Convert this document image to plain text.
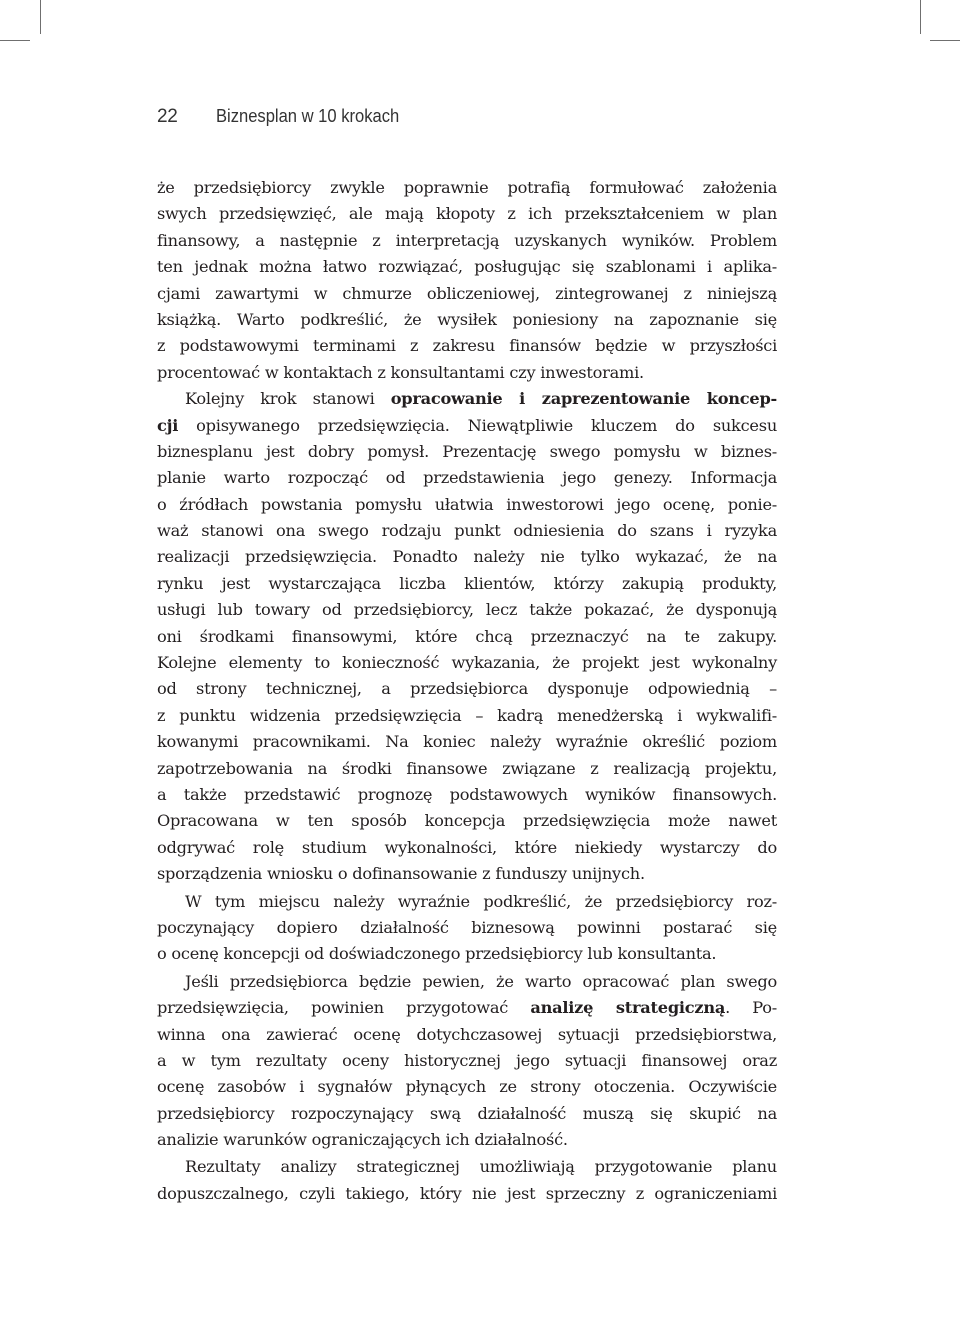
22 Biznesplan w 10 krokach
że przedsiębiorcy zwykle poprawnie potrafią formułować założenia
swych przedsięwzięć, ale mają kłopoty z ich przekształceniem w plan
finansowy, a następnie z interpretacją uzyskanych wyników. Problem
ten jednak można łatwo rozwiązać, posługując się szablonami i aplika-
cjami zawartymi w chmurze obliczeniowej, zintegrowanej z niniejszą
książką. Warto podkreślić, że wysiłek poniesiony na zapoznanie się
z podstawowymi terminami z zakresu finansów będzie w przyszłości
procentować w kontaktach z konsultantami czy inwestorami.
Kolejny krok stanowi opracowanie i zaprezentowanie koncep-
cji opisywanego przedsięwzięcia. Niewątpliwie kluczem do sukcesu
biznesplanu jest dobry pomysł. Prezentację swego pomysłu w biznes-
planie warto rozpocząć od przedstawienia jego genezy. Informacja
o źródłach powstania pomysłu ułatwia inwestorowi jego ocenę, ponie-
waż stanowi ona swego rodzaju punkt odniesienia do szans i ryzyka
realizacji przedsięwzięcia. Ponadto należy nie tylko wykazać, że na
rynku jest wystarczająca liczba klientów, którzy zakupią produkty,
usługi lub towary od przedsiębiorcy, lecz także pokazać, że dysponują
oni środkami finansowymi, które chcą przeznaczyć na te zakupy.
Kolejne elementy to konieczność wykazania, że projekt jest wykonalny
od strony technicznej, a przedsiębiorca dysponuje odpowiednią –
z punktu widzenia przedsięwzięcia – kadrą menedżerską i wykwalifi-
kowanymi pracownikami. Na koniec należy wyraźnie określić poziom
zapotrzebowania na środki finansowe związane z realizacją projektu,
a także przedstawić prognozę podstawowych wyników finansowych.
Opracowana w ten sposób koncepcja przedsięwzięcia może nawet
odgrywać rolę studium wykonalności, które niekiedy wystarczy do
sporządzenia wniosku o dofinansowanie z funduszy unijnych.
W tym miejscu należy wyraźnie podkreślić, że przedsiębiorcy roz-
poczynający dopiero działalność biznesową powinni postarać się
o ocenę koncepcji od doświadczonego przedsiębiorcy lub konsultanta.
Jeśli przedsiębiorca będzie pewien, że warto opracować plan swego
przedsięwzięcia, powinien przygotować analizę strategiczną. Po-
winna ona zawierać ocenę dotychczasowej sytuacji przedsiębiorstwa,
a w tym rezultaty oceny historycznej jego sytuacji finansowej oraz
ocenę zasobów i sygnałów płynących ze strony otoczenia. Oczywiście
przedsiębiorcy rozpoczynający swą działalność muszą się skupić na
analizie warunków ograniczających ich działalność.
Rezultaty analizy strategicznej umożliwiają przygotowanie planu
dopuszczalnego, czyli takiego, który nie jest sprzeczny z ograniczeniami
